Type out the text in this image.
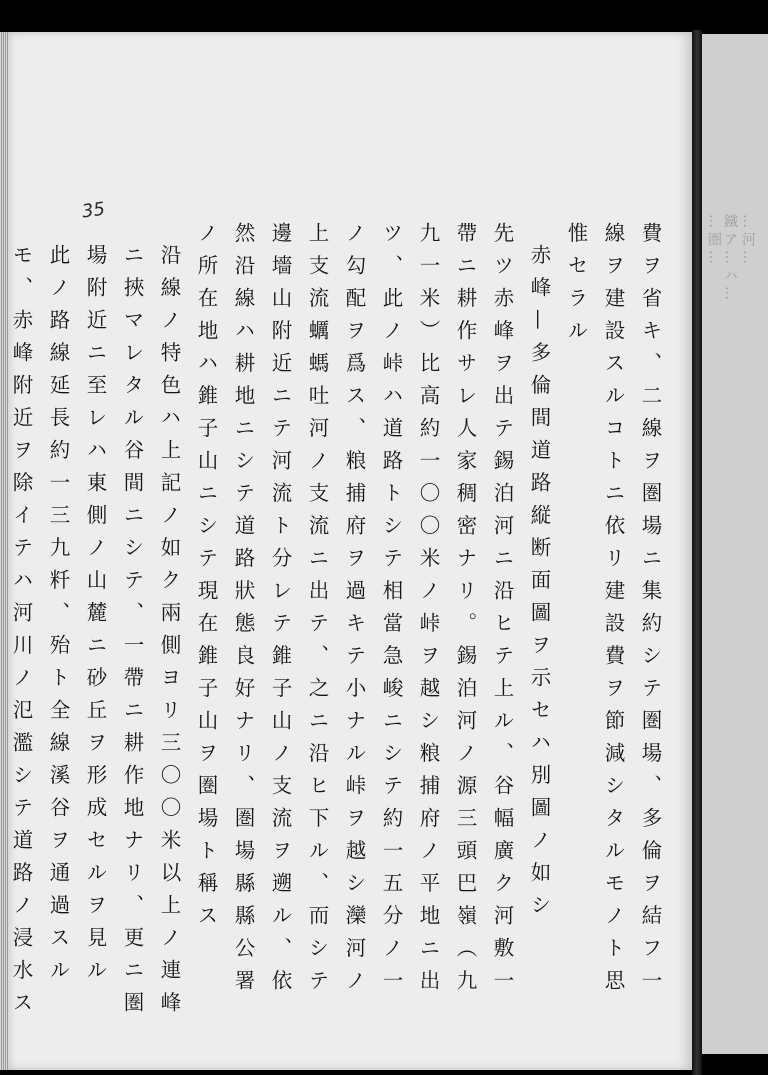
35

費ヲ省キ、二線ヲ圏場ニ集約シテ圏場、多倫ヲ結フ一線ヲ建設スルコトニ依リ建設費ヲ節減シタルモノト思惟セラル

赤峰—多倫間道路縦断面圖ヲ示セハ別圖ノ如シ

先ツ赤峰ヲ出テ錫泊河ニ沿ヒテ上ル、谷幅廣ク河敷一帶ニ耕作サレ人家稠密ナリ。錫泊河ノ源三頭巴嶺（九九一米）比高約一〇〇米ノ峠ヲ越シ粮捕府ノ平地ニ出ツ、此ノ峠ハ道路トシテ相當急峻ニシテ約一五分ノ一ノ勾配ヲ爲ス、粮捕府ヲ過キテ小ナル峠ヲ越シ灤河ノ上支流蠣螞吐河ノ支流ニ出テ、之ニ沿ヒ下ル、而シテ邊墻山附近ニテ河流ト分レテ錐子山ノ支流ヲ遡ル、依然沿線ハ耕地ニシテ道路狀態良好ナリ、圏場縣縣公署ノ所在地ハ錐子山ニシテ現在錐子山ヲ圏場ト稱ス

沿線ノ特色ハ上記ノ如ク兩側ヨリ三〇〇米以上ノ連峰ニ挾マレタル谷間ニシテ、一帶ニ耕作地ナリ、更ニ圏場附近ニ至レハ東側ノ山麓ニ砂丘ヲ形成セルヲ見ル

此ノ路線延長約一三九粁、殆ト全線溪谷ヲ通過スルモ、赤峰附近ヲ除イテハ河川ノ氾濫シテ道路ノ浸水ス

鐵ア…ハ… …河…
…圏…
